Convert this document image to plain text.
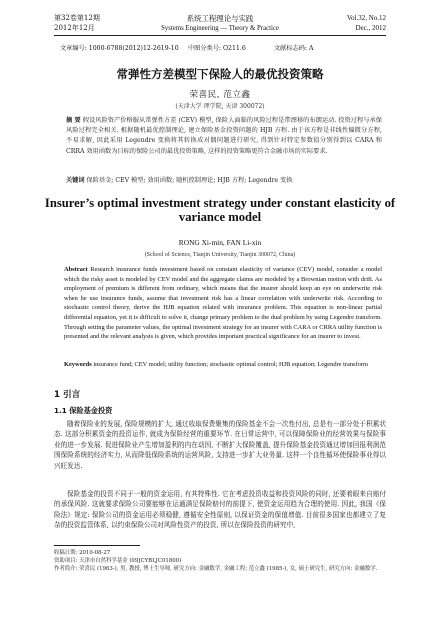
第32卷第12期	系统工程理论与实践	Vol.32, No.12
2012年12月	Systems Engineering — Theory & Practice	Dec., 2012
文章编号: 1000-6788(2012)12-2619-10 中图分类号: O211.6	文献标志码: A
常弹性方差模型下保险人的最优投资策略
荣喜民, 范立鑫
(天津大学 理学院, 天津 300072)
摘 要 假设风险资产价格服从常弹性方差 (CEV) 模型, 保险人面临的风险过程是带漂移的布朗运动. 投资过程与承保风险过程完全相关. 根据随机最优控制理论, 建立保险基金投资问题的 HJB 方程. 由于该方程是非线性偏微分方程, 不易求解, 因此采用 Legendre 变换将其转换成对偶问题进行研究, 得到针对特定参数值分别得到以 CARA 和 CRRA 效用函数为目标的保险公司的最优投资策略, 这样的投资策略更符合金融市场的实际要求.
关键词 保险基金; CEV 模型; 效用函数; 随机控制理论; HJB 方程; Legendre 变换
Insurer’s optimal investment strategy under constant elasticity of variance model
RONG Xi-min, FAN Li-xin
(School of Science, Tianjin University, Tianjin 300072, China)
Abstract Research insurance funds investment based on constant elasticity of variance (CEV) model, consider a model which the risky asset is modeled by CEV model and the aggregate claims are modeled by a Brownian motion with drift. As employment of premium is different from ordinary, which means that the insurer should keep an eye on underwrite risk when he use insurance funds, assume that investment risk has a linear correlation with underwrite risk. According to stochastic control theory, derive the HJB equation related with insurance problem. This equation is non-linear partial differential equation, yet it is difficult to solve it, change primary problem to the dual problem by using Legendre transform. Through setting the parameter values, the optimal investment strategy for an insurer with CARA or CRRA utility function is presented and the relevant analysis is given, which provides important practical significance for an insurer to invest.
Keywords insurance fund; CEV model; utility function; stochastic optimal control; HJB equation; Legendre transform
1 引言
1.1 保险基金投资
随着保险业的发展, 保险规模的扩大, 通过收取保费聚集的保险基金不会一次性付出, 总是有一部分处于积累状态. 这部分积累资金的投资运作, 就成为保险经营的重要环节. 在日常运营中, 可以保障保险业的经营效果与保险事业的进一步发展. 促进保险业产生增加盈利的内在动因, 不断扩大保险覆盖, 提升保险基金投资通过增加回报利润范围保险系统的经济实力, 从而降低保险系统的运营风险, 支持进一步扩大业务量. 这样一个良性循环使保险事业得以兴旺发达.
保险基金的投资不同于一般的资金运用, 有其特殊性. 它在考虑投资收益和投资风险的同时, 还要着眼来自赔付的承保风险. 这就要求保险公司要能够在运通满足保险赔付的前提下, 使资金运用趋为合理的使用. 因此, 我国《保险法》规定: 保险公司的资金运用必须稳健, 遵循安全性原则, 以保证资金的保值增值. 目前很多国家也都建立了复杂的投资监管体系, 以约束保险公司对风险性资产的投资, 所以在保险投资的研究中,
收稿日期: 2010-08-27
资助项目: 天津市自然科学基金 (09JCYBLJC01800)
作者简介: 荣喜民 (1963-), 男, 教授, 博士生导师, 研究方向: 金融数学, 金融工程; 范立鑫 (1985-), 女, 硕士研究生, 研究方向: 金融数学.
